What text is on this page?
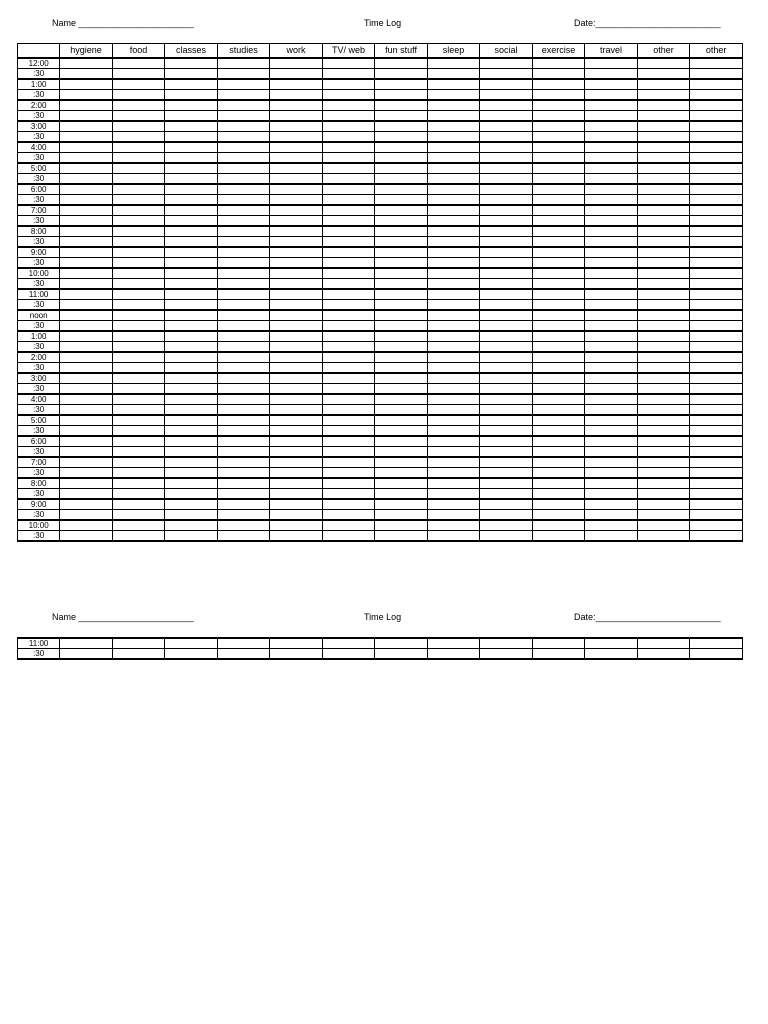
Name _______________________	Time Log	Date:_________________________
	hygiene	food	classes	studies	work	TV/ web	fun stuff	sleep	social	exercise	travel	other	other
12:00													
:30													
1:00													
:30													
2:00													
:30													
3:00													
:30													
4:00													
:30													
5:00													
:30													
6:00													
:30													
7:00													
:30													
8:00													
:30													
9:00													
:30													
10:00													
:30													
11:00													
:30													
noon													
:30													
1:00													
:30													
2:00													
:30													
3:00													
:30													
4:00													
:30													
5:00													
:30													
6:00													
:30													
7:00													
:30													
8:00													
:30													
9:00													
:30													
10:00													
:30													
Name _______________________	Time Log	Date:_________________________
11:00													
:30													
